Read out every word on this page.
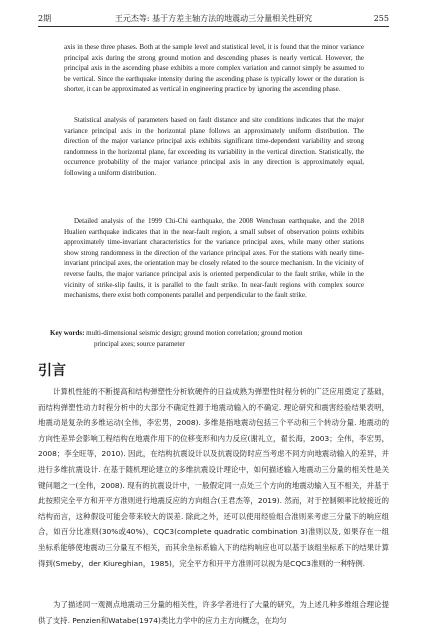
2期	王元杰等: 基于方差主轴方法的地震动三分量相关性研究	255

axis in these three phases. Both at the sample level and statistical level, it is found that the minor variance principal axis during the strong ground motion and descending phases is nearly vertical. However, the principal axis in the ascending phase exhibits a more complex variation and cannot simply be assumed to be vertical. Since the earthquake intensity during the ascending phase is typically lower or the duration is shorter, it can be approximated as vertical in engineering practice by ignoring the ascending phase.

Statistical analysis of parameters based on fault distance and site conditions indicates that the major variance principal axis in the horizontal plane follows an approximately uniform distribution. The direction of the major variance principal axis exhibits significant time-dependent variability and strong randomness in the horizontal plane, far exceeding its variability in the vertical direction. Statistically, the occurrence probability of the major variance principal axis in any direction is approximately equal, following a uniform distribution.

Detailed analysis of the 1999 Chi-Chi earthquake, the 2008 Wenchuan earthquake, and the 2018 Hualien earthquake indicates that in the near-fault region, a small subset of observation points exhibits approximately time-invariant characteristics for the variance principal axes, while many other stations show strong randomness in the direction of the variance principal axes. For the stations with nearly time-invariant principal axes, the orientation may be closely related to the source mechanism. In the vicinity of reverse faults, the major variance principal axis is oriented perpendicular to the fault strike, while in the vicinity of strike-slip faults, it is parallel to the fault strike. In near-fault regions with complex source mechanisms, there exist both components parallel and perpendicular to the fault strike.

Key words: multi-dimensional seismic design; ground motion correlation; ground motion
principal axes; source parameter
引言

计算机性能的不断提高和结构弹塑性分析软硬件的日益成熟为弹塑性时程分析的广泛应用奠定了基础，而结构弹塑性动力时程分析中的大部分不确定性源于地震动输入的不确定. 理论研究和震害经验结果表明，地震动是复杂的多维运动(全伟，李宏男，2008). 多维是指地震动包括三个平动和三个转动分量. 地震动的方向性差异会影响工程结构在地震作用下的位移变形和内力反应(谢礼立，翟长海，2003；全伟，李宏男，2008；李全旺等，2010). 因此，在结构抗震设计以及抗震设防时应当考虑不同方向地震动输入的差异，并进行多维抗震设计. 在基于随机理论建立的多维抗震设计理论中，如何描述输入地震动三分量的相关性是关键问题之一(全伟，2008). 现有的抗震设计中，一般假定同一点处三个方向的地震动输入互不相关，并基于此按照完全平方和开平方准则进行地震反应的方向组合(王君杰等，2019). 然而，对于控制频率比较接近的结构而言，这种假设可能会带来较大的误差. 除此之外，还可以使用经验组合准则来考虑三分量下的响应组合，如百分比准则(30%或40%)、CQC3(complete quadratic combination 3)准则以及, 如果存在一组坐标系能够使地震动三分量互不相关，而其余坐标系输入下的结构响应也可以基于该组坐标系下的结果计算得到(Smeby，der Kiureghian，1985)，完全平方和开平方准则可以视为是CQC3准则的一种特例.

为了描述同一观测点地震动三分量的相关性，许多学者进行了大量的研究，为上述几种多维组合理论提供了支持. Penzien和Watabe(1974)类比力学中的应力主方向概念，在均匀
